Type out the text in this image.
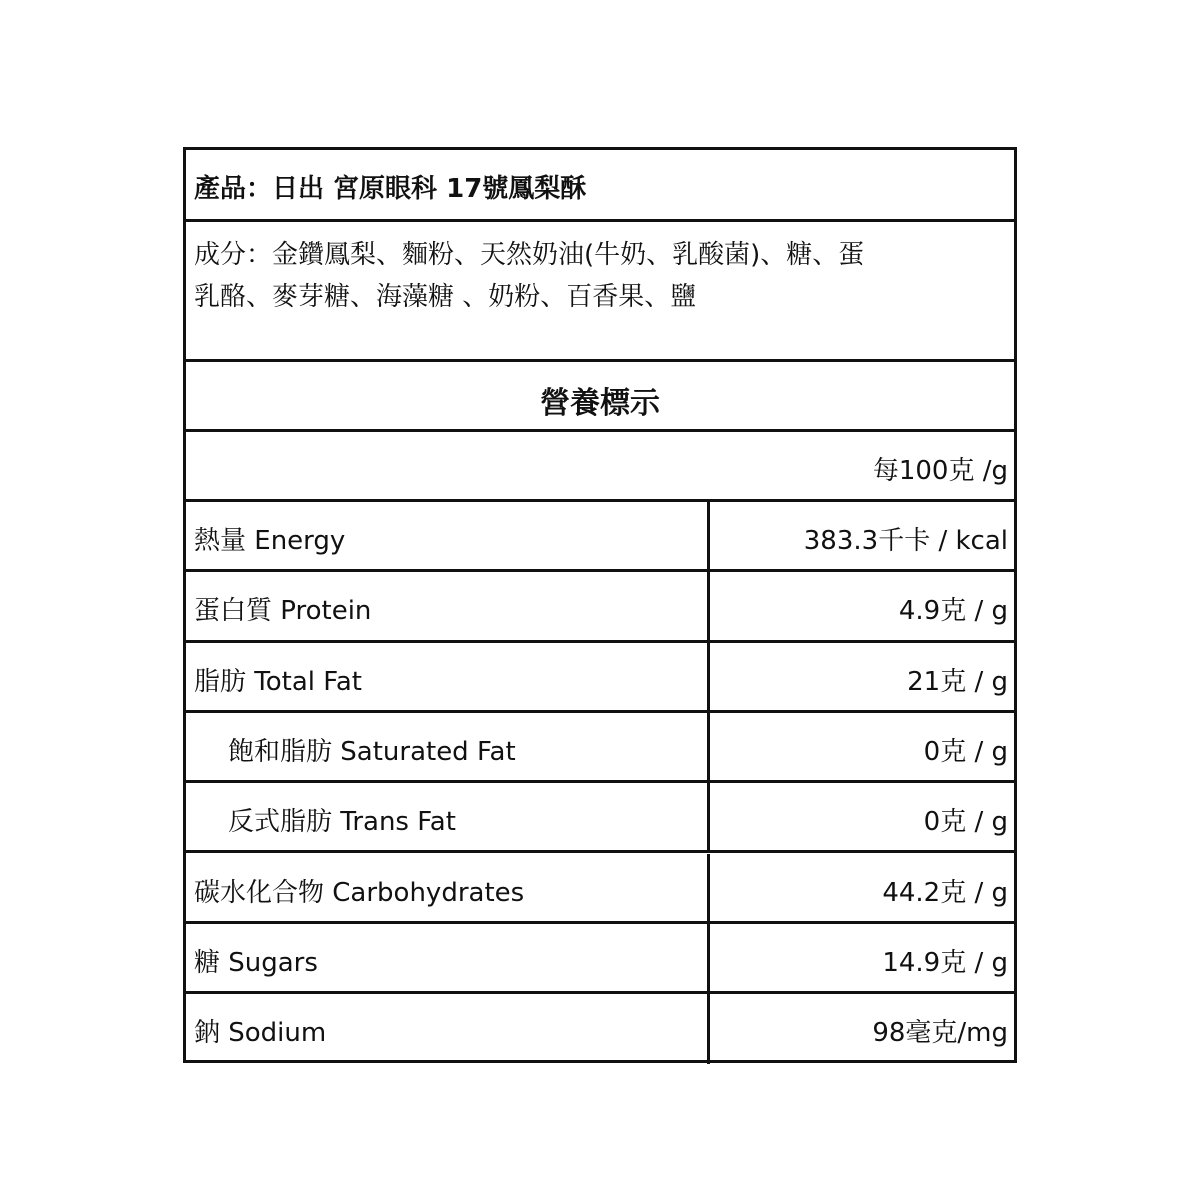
產品：日出 宮原眼科 17號鳳梨酥
成分：金鑽鳳梨、麵粉、天然奶油(牛奶、乳酸菌)、糖、蛋
乳酪、麥芽糖、海藻糖 、奶粉、百香果、鹽
營養標示
每100克 /g
熱量 Energy	383.3千卡 / kcal
蛋白質 Protein	4.9克 / g
脂肪 Total Fat	21克 / g
飽和脂肪 Saturated Fat	0克 / g
反式脂肪 Trans Fat	0克 / g
碳水化合物 Carbohydrates	44.2克 / g
糖 Sugars	14.9克 / g
鈉 Sodium	98毫克/mg
